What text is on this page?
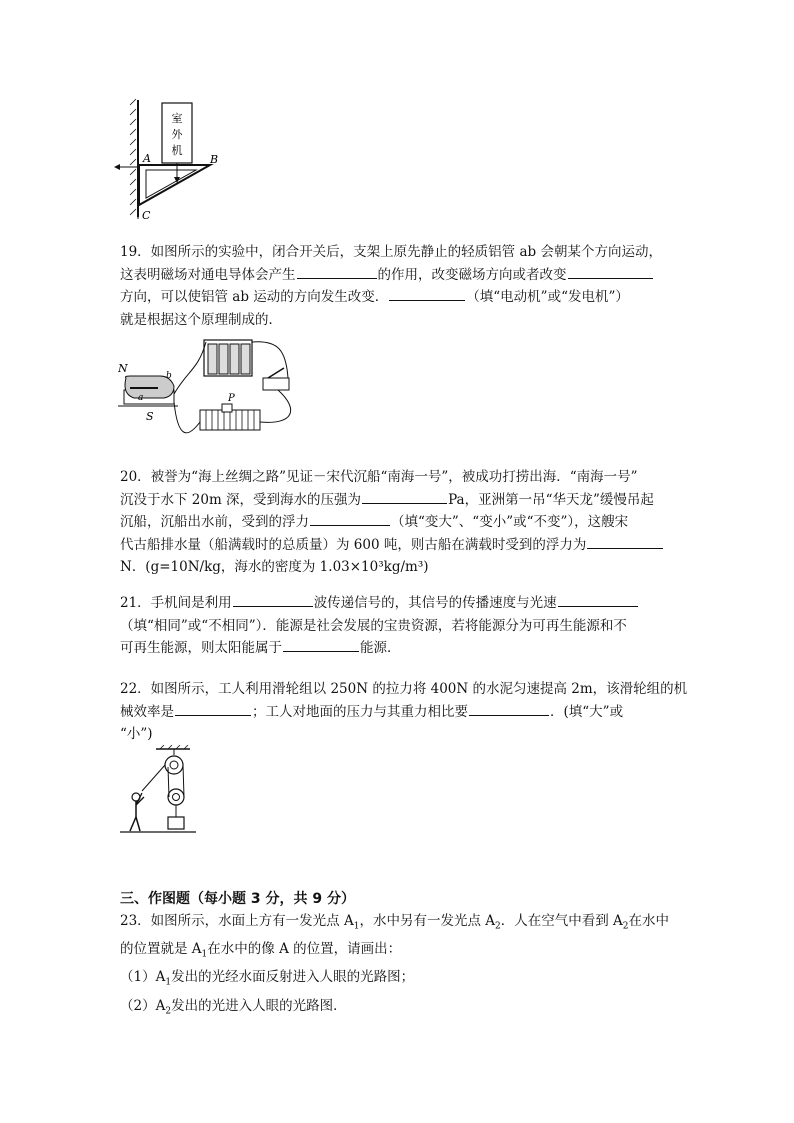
室
外
机
A	B
C
19．如图所示的实验中，闭合开关后，支架上原先静止的轻质铝管 ab 会朝某个方向运动，
这表明磁场对通电导体会产生	的作用，改变磁场方向或者改变
方向，可以使铝管 ab 运动的方向发生改变．	（填“电动机”或“发电机”）
就是根据这个原理制成的．
N
S
a
b
P
20．被誉为“海上丝绸之路”见证－宋代沉船“南海一号”，被成功打捞出海．“南海一号”
沉没于水下 20m 深，受到海水的压强为	Pa，亚洲第一吊“华天龙”缓慢吊起
沉船，沉船出水前，受到的浮力	（填“变大”、“变小”或“不变”），这艘宋
代古船排水量（船满载时的总质量）为 600 吨，则古船在满载时受到的浮力为
N．(g=10N/kg，海水的密度为 1.03×10³kg/m³)
21．手机间是利用	波传递信号的，其信号的传播速度与光速
（填“相同”或“不相同”）．能源是社会发展的宝贵资源，若将能源分为可再生能源和不
可再生能源，则太阳能属于	能源．
22．如图所示，工人利用滑轮组以 250N 的拉力将 400N 的水泥匀速提高 2m，该滑轮组的机
械效率是	；工人对地面的压力与其重力相比要	．(填“大”或
“小”)
三、作图题（每小题 3 分，共 9 分）
23．如图所示，水面上方有一发光点 $A_1$，水中另有一发光点 $A_2$．人在空气中看到 $A_2$在水中
的位置就是 $A_1$在水中的像 A 的位置，请画出：
$(1)A_1$发出的光经水面反射进入人眼的光路图；
$(2)A_2$发出的光进入人眼的光路图．
